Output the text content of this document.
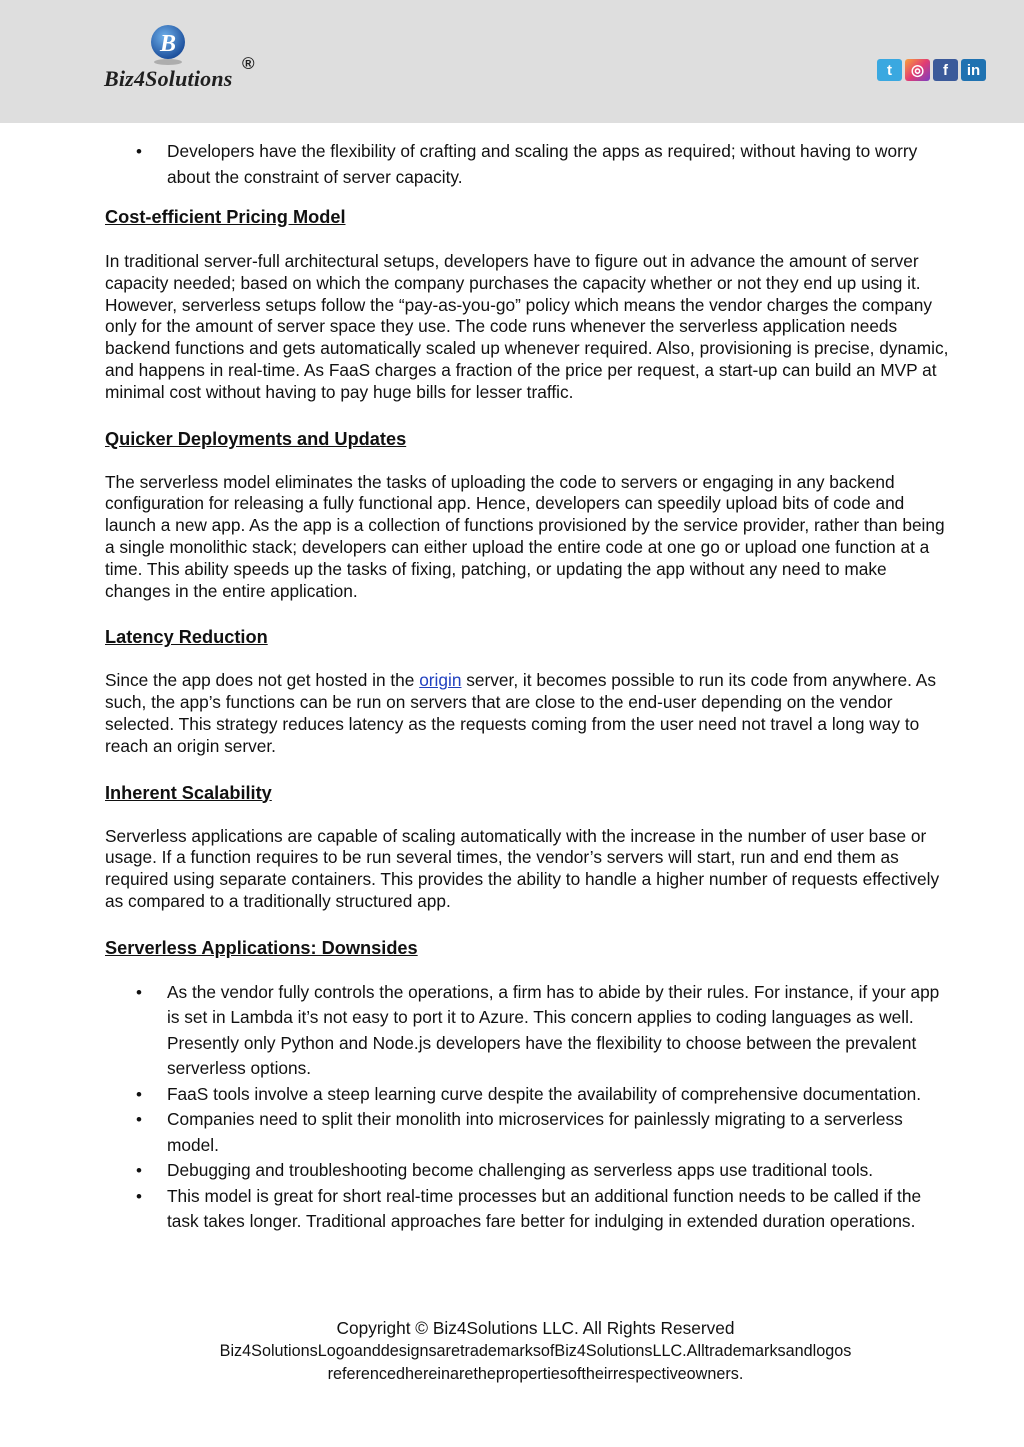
B
Biz4Solutions
®	t	◎	f	in
• Developers have the flexibility of crafting and scaling the apps as required; without having to worry about the constraint of server capacity.
Cost-efficient Pricing Model

In traditional server-full architectural setups, developers have to figure out in advance the amount of server capacity needed; based on which the company purchases the capacity whether or not they end up using it. However, serverless setups follow the “pay-as-you-go” policy which means the vendor charges the company only for the amount of server space they use. The code runs whenever the serverless application needs backend functions and gets automatically scaled up whenever required. Also, provisioning is precise, dynamic, and happens in real-time. As FaaS charges a fraction of the price per request, a start-up can build an MVP at minimal cost without having to pay huge bills for lesser traffic.

Quicker Deployments and Updates

The serverless model eliminates the tasks of uploading the code to servers or engaging in any backend configuration for releasing a fully functional app. Hence, developers can speedily upload bits of code and launch a new app. As the app is a collection of functions provisioned by the service provider, rather than being a single monolithic stack; developers can either upload the entire code at one go or upload one function at a time. This ability speeds up the tasks of fixing, patching, or updating the app without any need to make changes in the entire application.

Latency Reduction

Since the app does not get hosted in the origin server, it becomes possible to run its code from anywhere. As such, the app’s functions can be run on servers that are close to the end-user depending on the vendor selected. This strategy reduces latency as the requests coming from the user need not travel a long way to reach an origin server.

Inherent Scalability

Serverless applications are capable of scaling automatically with the increase in the number of user base or usage. If a function requires to be run several times, the vendor’s servers will start, run and end them as required using separate containers. This provides the ability to handle a higher number of requests effectively as compared to a traditionally structured app.

Serverless Applications: Downsides
• As the vendor fully controls the operations, a firm has to abide by their rules. For instance, if your app is set in Lambda it’s not easy to port it to Azure. This concern applies to coding languages as well. Presently only Python and Node.js developers have the flexibility to choose between the prevalent serverless options.
• FaaS tools involve a steep learning curve despite the availability of comprehensive documentation.
• Companies need to split their monolith into microservices for painlessly migrating to a serverless model.
• Debugging and troubleshooting become challenging as serverless apps use traditional tools.
• This model is great for short real-time processes but an additional function needs to be called if the task takes longer. Traditional approaches fare better for indulging in extended duration operations.
Copyright © Biz4Solutions LLC. All Rights Reserved
Biz4SolutionsLogoanddesignsaretrademarksofBiz4SolutionsLLC.Alltrademarksandlogos
referencedhereinarethepropertiesoftheirrespectiveowners.
